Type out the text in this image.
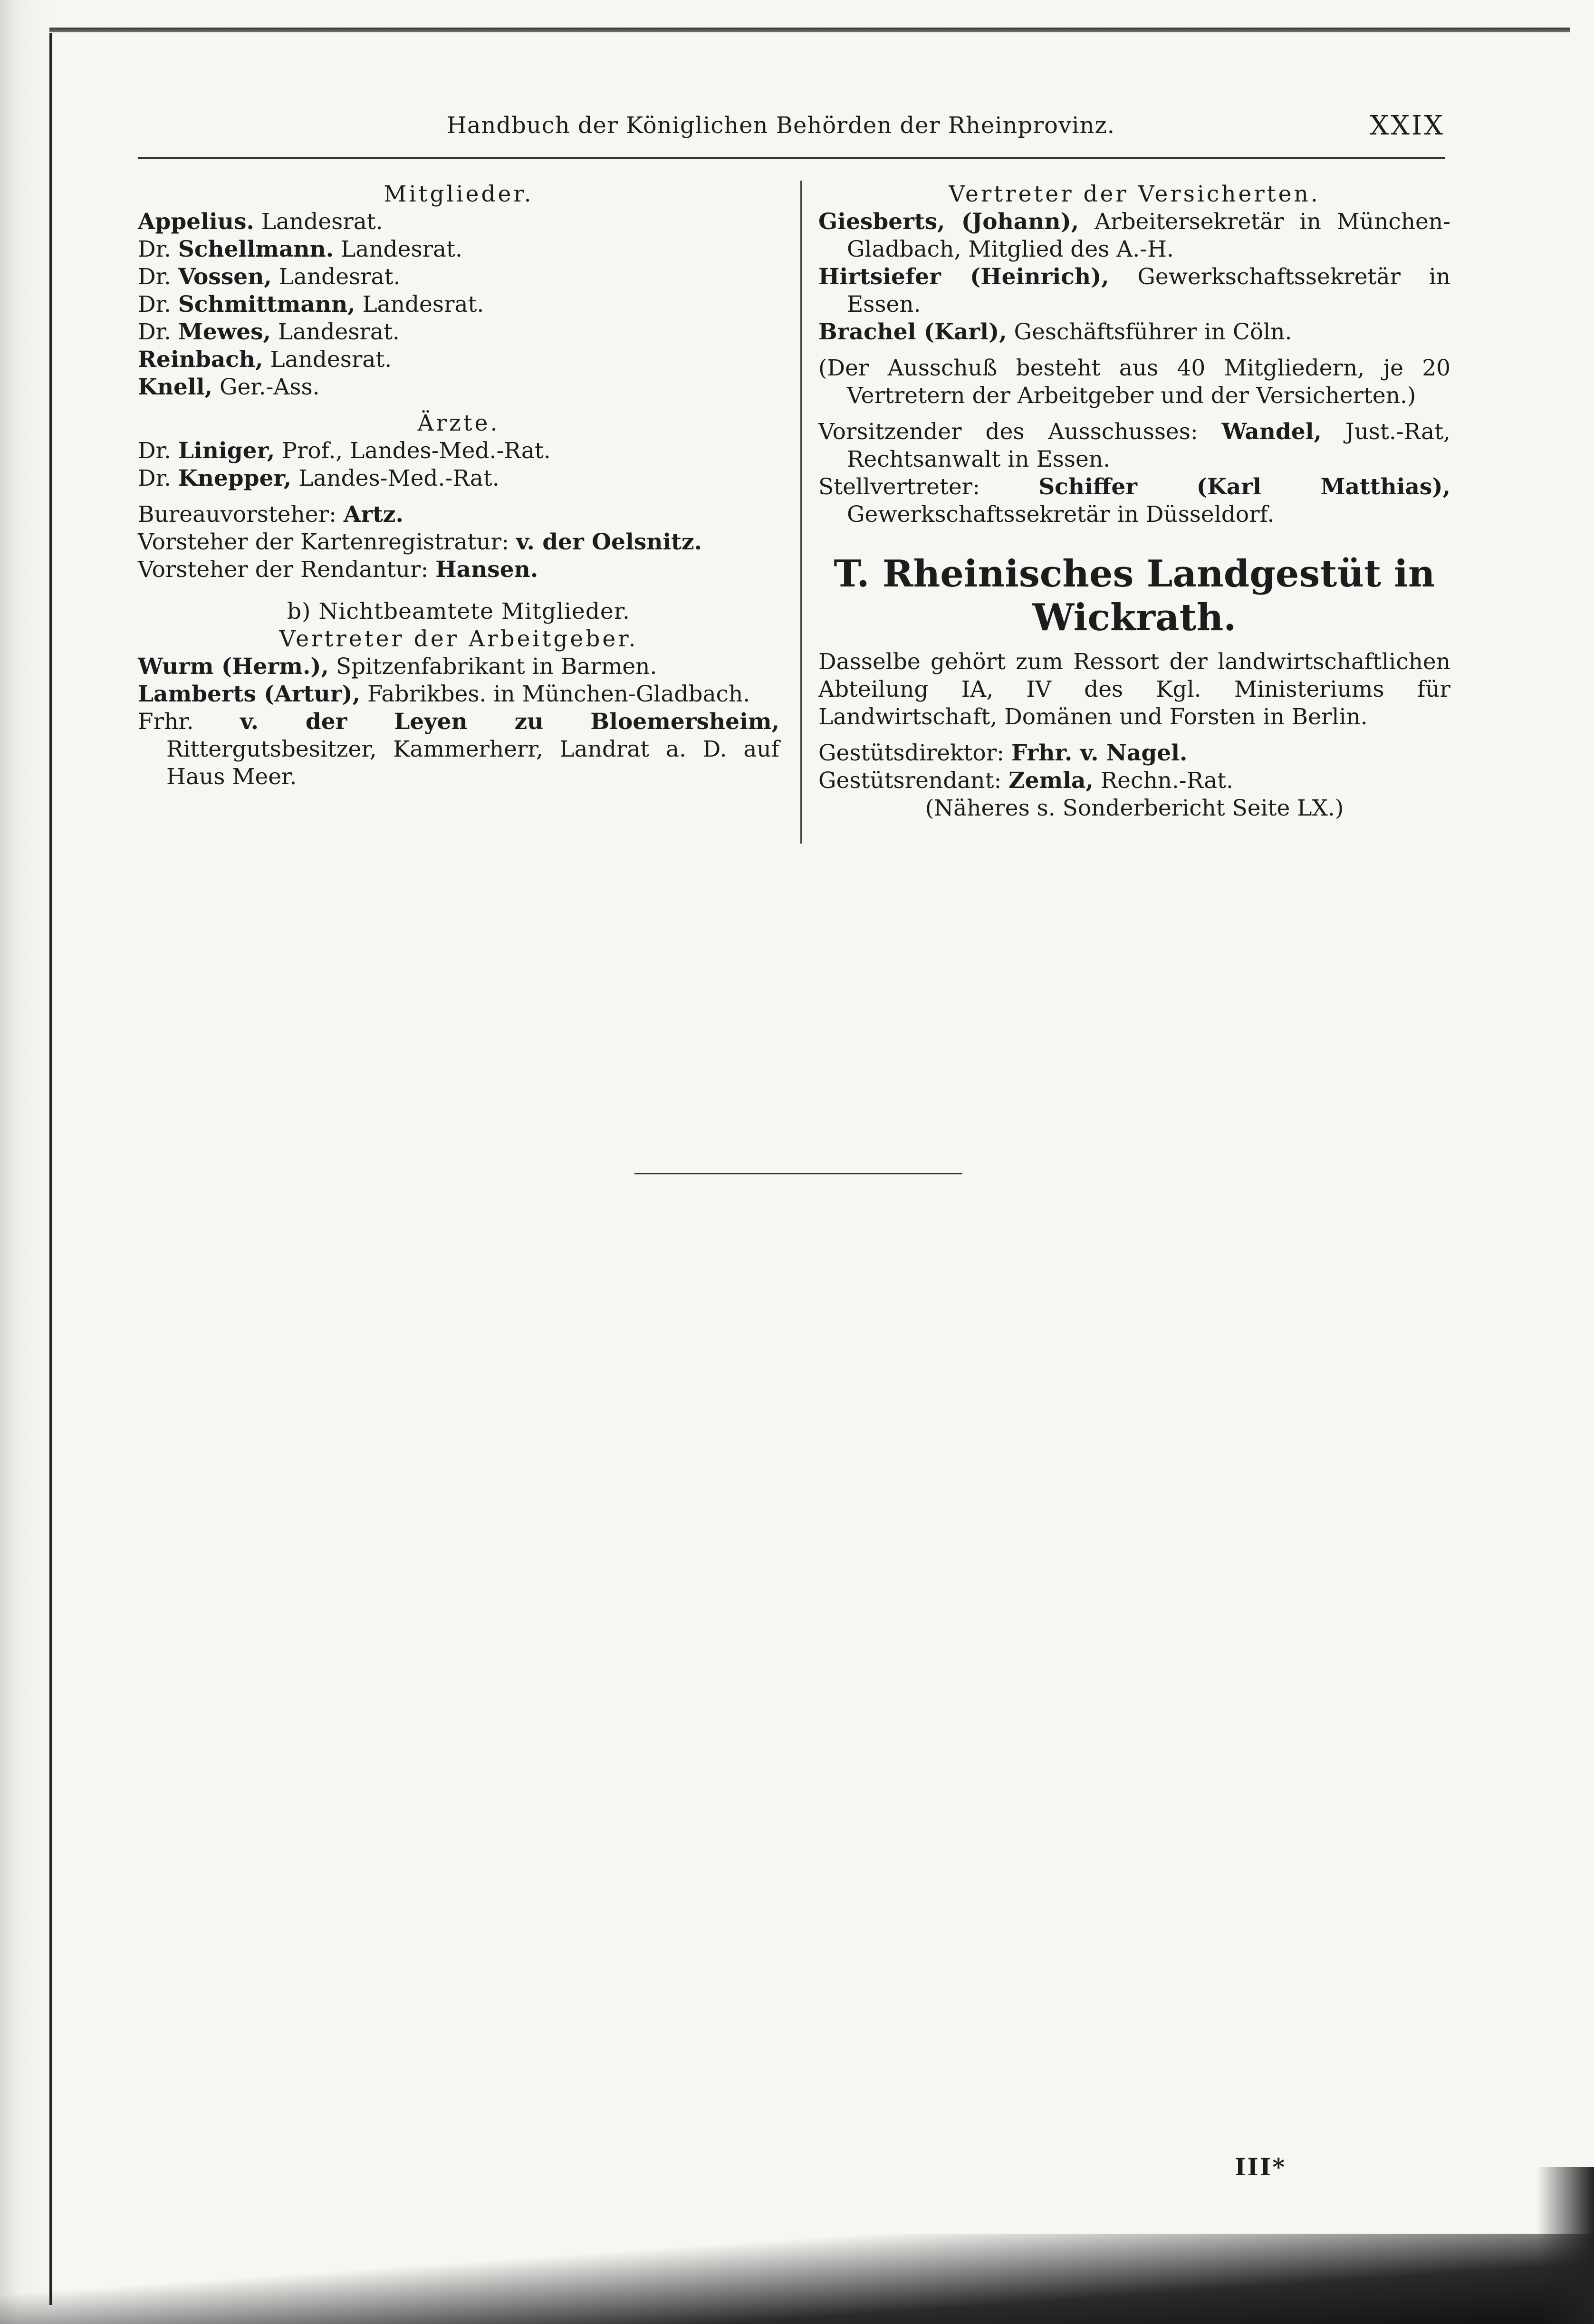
Handbuch der Königlichen Behörden der Rheinprovinz.	XXIX

Mitglieder.

Appelius. Landesrat.

Dr. Schellmann. Landesrat.

Dr. Vossen, Landesrat.

Dr. Schmittmann, Landesrat.

Dr. Mewes, Landesrat.

Reinbach, Landesrat.

Knell, Ger.-Ass.

Ärzte.

Dr. Liniger, Prof., Landes-Med.-Rat.

Dr. Knepper, Landes-Med.-Rat.

Bureauvorsteher: Artz.

Vorsteher der Kartenregistratur: v. der Oelsnitz.

Vorsteher der Rendantur: Hansen.

b) Nichtbeamtete Mitglieder.

Vertreter der Arbeitgeber.

Wurm (Herm.), Spitzenfabrikant in Barmen.

Lamberts (Artur), Fabrikbes. in München-Gladbach.

Frhr. v. der Leyen zu Bloemersheim, Rittergutsbesitzer, Kammerherr, Landrat a. D. auf Haus Meer.

Vertreter der Versicherten.

Giesberts, (Johann), Arbeitersekretär in München-Gladbach, Mitglied des A.-H.

Hirtsiefer (Heinrich), Gewerkschaftssekretär in Essen.

Brachel (Karl), Geschäftsführer in Cöln.

(Der Ausschuß besteht aus 40 Mitgliedern, je 20 Vertretern der Arbeitgeber und der Versicherten.)

Vorsitzender des Ausschusses: Wandel, Just.-Rat, Rechtsanwalt in Essen.

Stellvertreter: Schiffer (Karl Matthias), Gewerkschaftssekretär in Düsseldorf.

T. Rheinisches Landgestüt in
Wickrath.

Dasselbe gehört zum Ressort der landwirtschaftlichen Abteilung IA, IV des Kgl. Ministeriums für Landwirtschaft, Domänen und Forsten in Berlin.

Gestütsdirektor: Frhr. v. Nagel.

Gestütsrendant: Zemla, Rechn.-Rat.

(Näheres s. Sonderbericht Seite LX.)

III*
